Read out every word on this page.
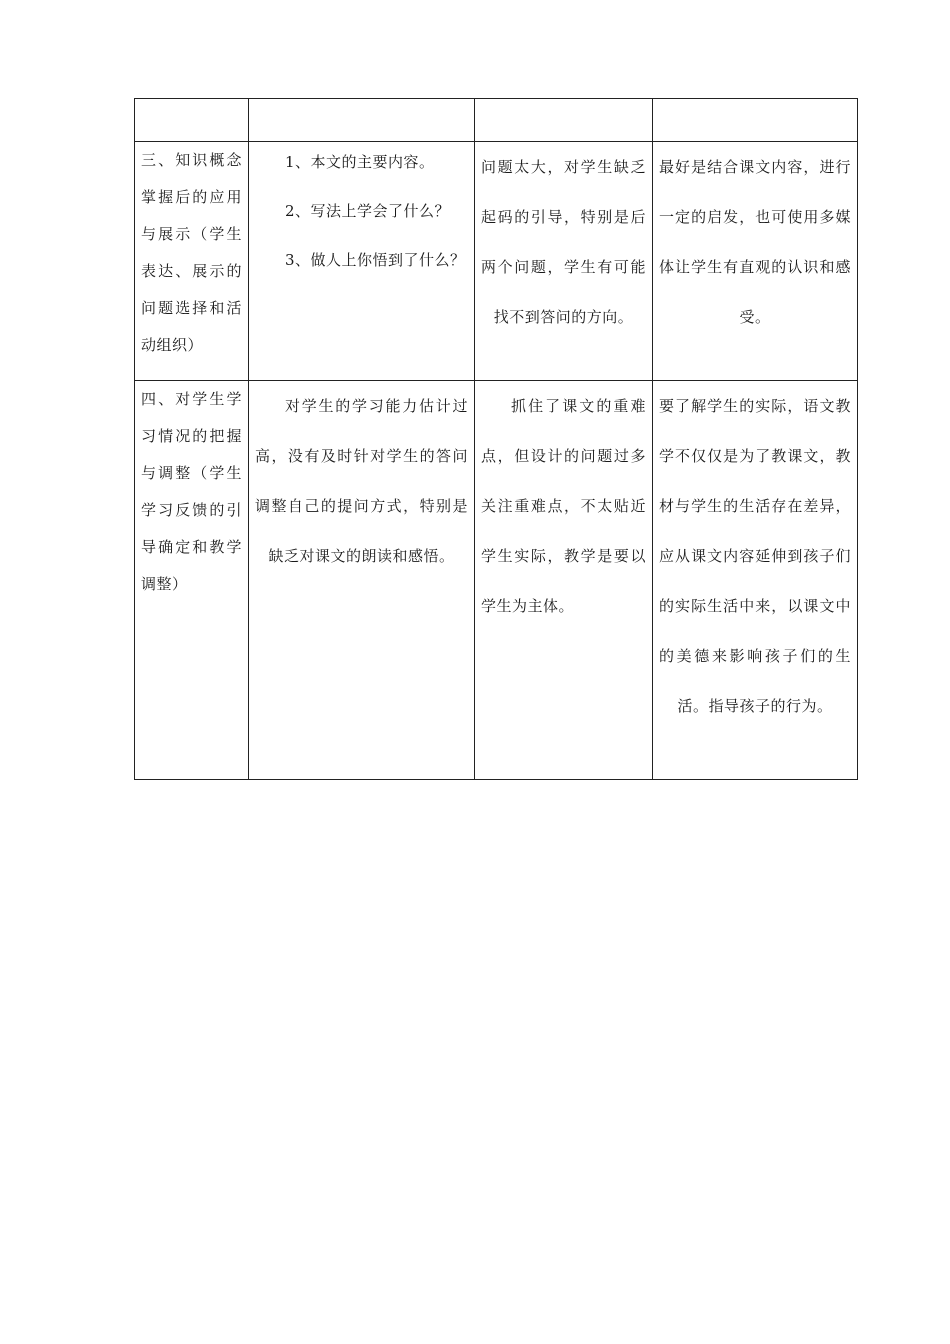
三、知识概念掌握后的应用与展示（学生表达、展示的问题选择和活动组织）	1、本文的主要内容。
2、写法上学会了什么？
3、做人上你悟到了什么？	问题太大，对学生缺乏起码的引导，特别是后两个问题，学生有可能找不到答问的方向。	最好是结合课文内容，进行一定的启发，也可使用多媒体让学生有直观的认识和感受。

四、对学生学习情况的把握与调整（学生学习反馈的引导确定和教学调整）	对学生的学习能力估计过高，没有及时针对学生的答问调整自己的提问方式，特别是缺乏对课文的朗读和感悟。	抓住了课文的重难点，但设计的问题过多关注重难点，不太贴近学生实际，教学是要以学生为主体。	要了解学生的实际，语文教学不仅仅是为了教课文，教材与学生的生活存在差异，应从课文内容延伸到孩子们的实际生活中来，以课文中的美德来影响孩子们的生活。指导孩子的行为。
